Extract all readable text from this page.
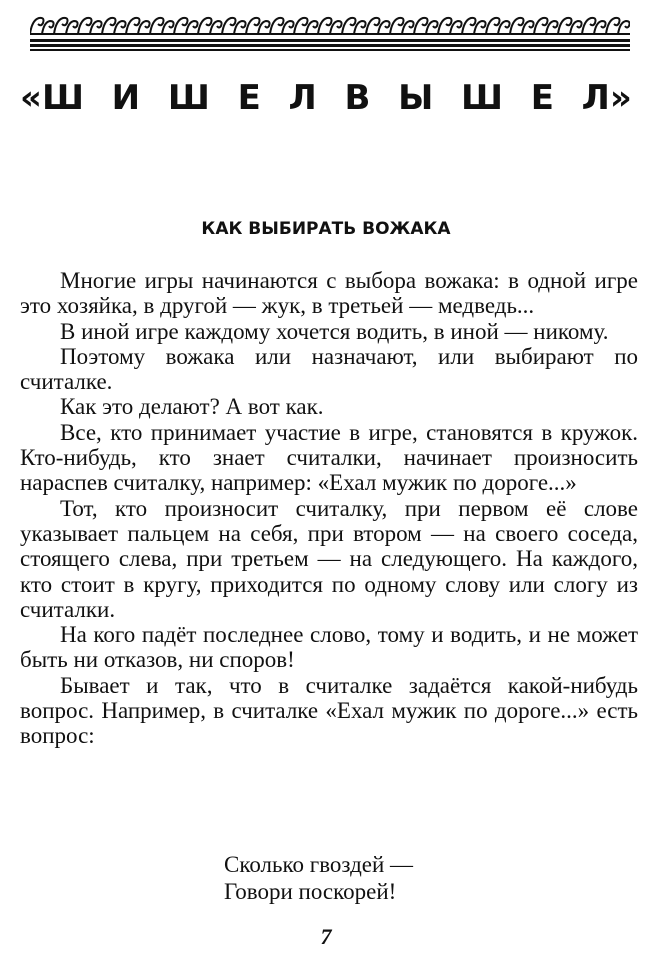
«Ш И Ш Е Л В Ы Ш Е Л»
КАК ВЫБИРАТЬ ВОЖАКА

Многие игры начинаются с выбора вожака: в одной игре это хозяйка, в другой — жук, в третьей — медведь...

В иной игре каждому хочется водить, в иной — никому.

Поэтому вожака или назначают, или выбирают по считалке.

Как это делают? А вот как.

Все, кто принимает участие в игре, становятся в кружок. Кто-нибудь, кто знает считалки, начинает произносить нараспев считалку, например: «Ехал мужик по дороге...»

Тот, кто произносит считалку, при первом её слове указывает пальцем на себя, при втором — на своего соседа, стоящего слева, при третьем — на следующего. На каждого, кто стоит в кругу, приходится по одному слову или слогу из считалки.

На кого падёт последнее слово, тому и водить, и не может быть ни отказов, ни споров!

Бывает и так, что в считалке задаётся какой-нибудь вопрос. Например, в считалке «Ехал мужик по дороге...» есть вопрос:

Сколько гвоздей —
Говори поскорей!
7
